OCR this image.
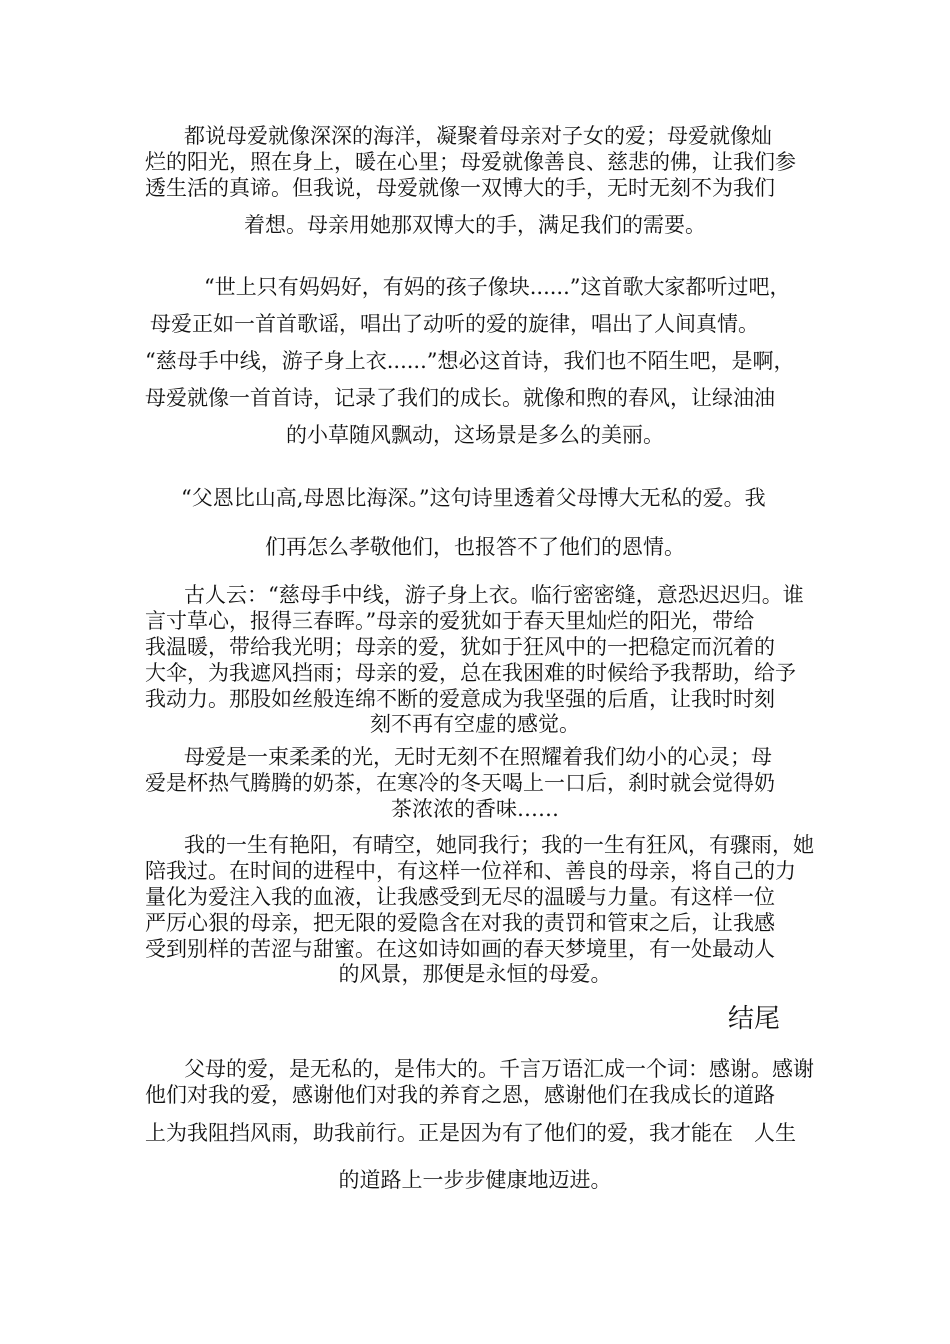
都说母爱就像深深的海洋，凝聚着母亲对子女的爱；母爱就像灿

烂的阳光，照在身上，暖在心里；母爱就像善良、慈悲的佛，让我们参

透生活的真谛。但我说，母爱就像一双博大的手，无时无刻不为我们

着想。母亲用她那双博大的手，满足我们的需要。

“世上只有妈妈好，有妈的孩子像块......”这首歌大家都听过吧，

母爱正如一首首歌谣，唱出了动听的爱的旋律，唱出了人间真情。

“慈母手中线，游子身上衣......”想必这首诗，我们也不陌生吧，是啊，

母爱就像一首首诗，记录了我们的成长。就像和煦的春风，让绿油油

的小草随风飘动，这场景是多么的美丽。

“父恩比山高,母恩比海深。”这句诗里透着父母博大无私的爱。我

们再怎么孝敬他们，也报答不了他们的恩情。

古人云：“慈母手中线，游子身上衣。临行密密缝，意恐迟迟归。谁

言寸草心，报得三春晖。”母亲的爱犹如于春天里灿烂的阳光，带给

我温暖，带给我光明；母亲的爱，犹如于狂风中的一把稳定而沉着的

大伞，为我遮风挡雨；母亲的爱，总在我困难的时候给予我帮助，给予

我动力。那股如丝般连绵不断的爱意成为我坚强的后盾，让我时时刻

刻不再有空虚的感觉。

母爱是一束柔柔的光，无时无刻不在照耀着我们幼小的心灵；母

爱是杯热气腾腾的奶茶，在寒冷的冬天喝上一口后，刹时就会觉得奶

茶浓浓的香味……

我的一生有艳阳，有晴空，她同我行；我的一生有狂风，有骤雨，她

陪我过。在时间的进程中，有这样一位祥和、善良的母亲，将自己的力

量化为爱注入我的血液，让我感受到无尽的温暖与力量。有这样一位

严厉心狠的母亲，把无限的爱隐含在对我的责罚和管束之后，让我感

受到别样的苦涩与甜蜜。在这如诗如画的春天梦境里，有一处最动人

的风景，那便是永恒的母爱。

结尾

父母的爱，是无私的，是伟大的。千言万语汇成一个词：感谢。感谢

他们对我的爱，感谢他们对我的养育之恩，感谢他们在我成长的道路

上为我阻挡风雨，助我前行。正是因为有了他们的爱，我才能在　人生

的道路上一步步健康地迈进。
